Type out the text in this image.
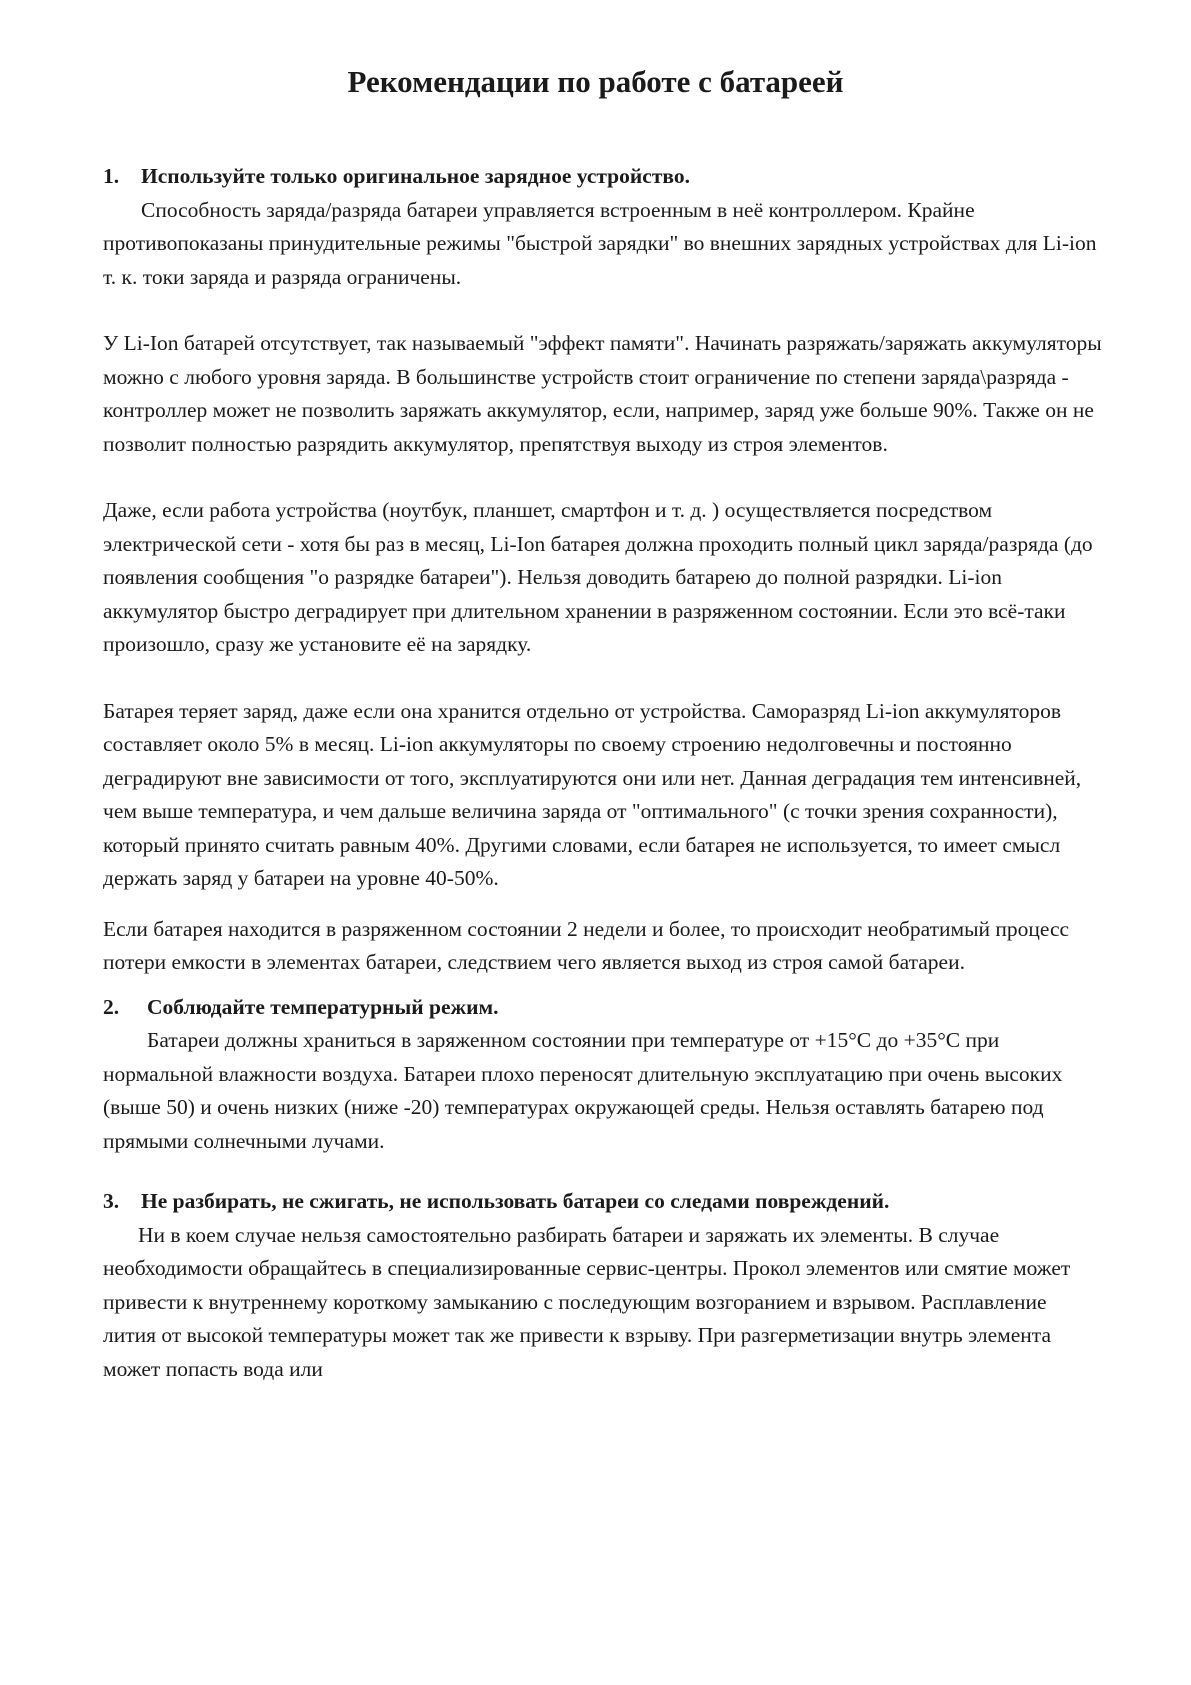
Рекомендации по работе с батареей
1. Используйте только оригинальное зарядное устройство.

Способность заряда/разряда батареи управляется встроенным в неё контроллером. Крайне противопоказаны принудительные режимы "быстрой зарядки" во внешних зарядных устройствах для Li-ion т. к. токи заряда и разряда ограничены.

У Li-Ion батарей отсутствует, так называемый "эффект памяти". Начинать разряжать/заряжать аккумуляторы можно с любого уровня заряда. В большинстве устройств стоит ограничение по степени заряда\разряда - контроллер может не позволить заряжать аккумулятор, если, например, заряд уже больше 90%. Также он не позволит полностью разрядить аккумулятор, препятствуя выходу из строя элементов.

Даже, если работа устройства (ноутбук, планшет, смартфон и т. д. ) осуществляется посредством электрической сети - хотя бы раз в месяц, Li-Ion батарея должна проходить полный цикл заряда/разряда (до появления сообщения "о разрядке батареи"). Нельзя доводить батарею до полной разрядки. Li-ion аккумулятор быстро деградирует при длительном хранении в разряженном состоянии. Если это всё-таки произошло, сразу же установите её на зарядку.

Батарея теряет заряд, даже если она хранится отдельно от устройства. Саморазряд Li-ion аккумуляторов составляет около 5% в месяц. Li-ion аккумуляторы по своему строению недолговечны и постоянно деградируют вне зависимости от того, эксплуатируются они или нет. Данная деградация тем интенсивней, чем выше температура, и чем дальше величина заряда от "оптимального" (с точки зрения сохранности), который принято считать равным 40%. Другими словами, если батарея не используется, то имеет смысл держать заряд у батареи на уровне 40-50%.

Если батарея находится в разряженном состоянии 2 недели и более, то происходит необратимый процесс потери емкости в элементах батареи, следствием чего является выход из строя самой батареи.

2. Соблюдайте температурный режим.

Батареи должны храниться в заряженном состоянии при температуре от +15°С до +35°С при нормальной влажности воздуха. Батареи плохо переносят длительную эксплуатацию при очень высоких (выше 50) и очень низких (ниже -20) температурах окружающей среды. Нельзя оставлять батарею под прямыми солнечными лучами.

3. Не разбирать, не сжигать, не использовать батареи со следами повреждений.

Ни в коем случае нельзя самостоятельно разбирать батареи и заряжать их элементы. В случае необходимости обращайтесь в специализированные сервис-центры. Прокол элементов или смятие может привести к внутреннему короткому замыканию с последующим возгоранием и взрывом. Расплавление лития от высокой температуры может так же привести к взрыву. При разгерметизации внутрь элемента может попасть вода или
